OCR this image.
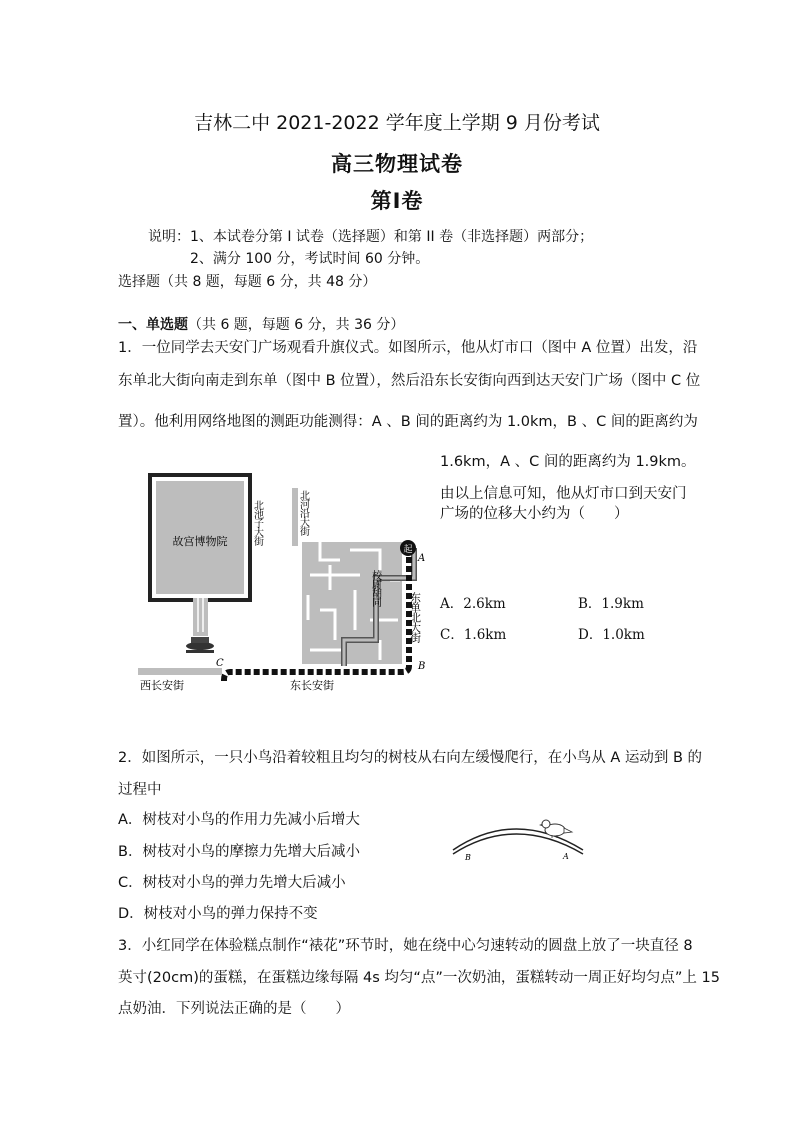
吉林二中 2021-2022 学年度上学期 9 月份考试
高三物理试卷
第Ⅰ卷
说明：1、本试卷分第 I 试卷（选择题）和第 II 卷（非选择题）两部分；
2、满分 100 分，考试时间 60 分钟。
选择题（共 8 题，每题 6 分，共 48 分）
一、单选题（共 6 题，每题 6 分，共 36 分）
1．一位同学去天安门广场观看升旗仪式。如图所示，他从灯市口（图中 A 位置）出发，沿
东单北大街向南走到东单（图中 B 位置），然后沿东长安街向西到达天安门广场（图中 C 位
置）。他利用网络地图的测距功能测得：A 、B 间的距离约为 1.0km，B 、C 间的距离约为
1.6km，A 、C 间的距离约为 1.9km。
由以上信息可知，他从灯市口到天安门
广场的位移大小约为（　　）
A．2.6km	B．1.9km
C．1.6km	D．1.0km
故宫博物院 北池子大街	北河沿大街
起
A
B
C
校尉胡同
东单北大街
西长安街	东长安街
2．如图所示，一只小鸟沿着较粗且均匀的树枝从右向左缓慢爬行，在小鸟从 A 运动到 B 的
过程中
A．树枝对小鸟的作用力先减小后增大
B．树枝对小鸟的摩擦力先增大后减小
C．树枝对小鸟的弹力先增大后减小
D．树枝对小鸟的弹力保持不变
B	A
3．小红同学在体验糕点制作“裱花”环节时，她在绕中心匀速转动的圆盘上放了一块直径 8
英寸(20cm)的蛋糕，在蛋糕边缘每隔 4s 均匀“点”一次奶油，蛋糕转动一周正好均匀点”上 15
点奶油．下列说法正确的是（　　）
